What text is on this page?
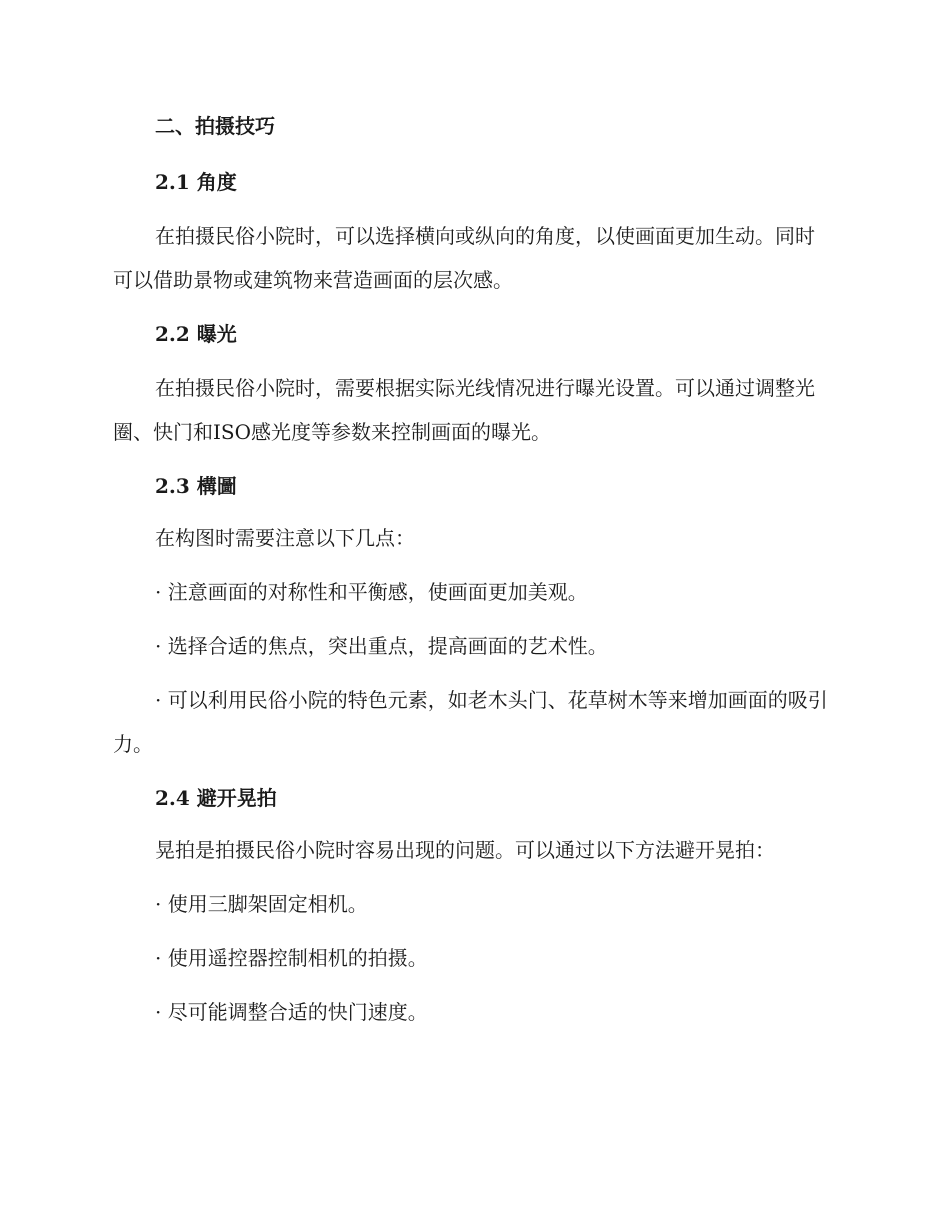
二、拍摄技巧
2.1 角度

在拍摄民俗小院时，可以选择横向或纵向的角度，以使画面更加生动。同时可以借助景物或建筑物来营造画面的层次感。

2.2 曝光

在拍摄民俗小院时，需要根据实际光线情况进行曝光设置。可以通过调整光圈、快门和ISO感光度等参数来控制画面的曝光。

2.3 構圖

在构图时需要注意以下几点：

· 注意画面的对称性和平衡感，使画面更加美观。

· 选择合适的焦点，突出重点，提高画面的艺术性。

· 可以利用民俗小院的特色元素，如老木头门、花草树木等来增加画面的吸引力。

2.4 避开晃拍

晃拍是拍摄民俗小院时容易出现的问题。可以通过以下方法避开晃拍：

· 使用三脚架固定相机。

· 使用遥控器控制相机的拍摄。

· 尽可能调整合适的快门速度。
